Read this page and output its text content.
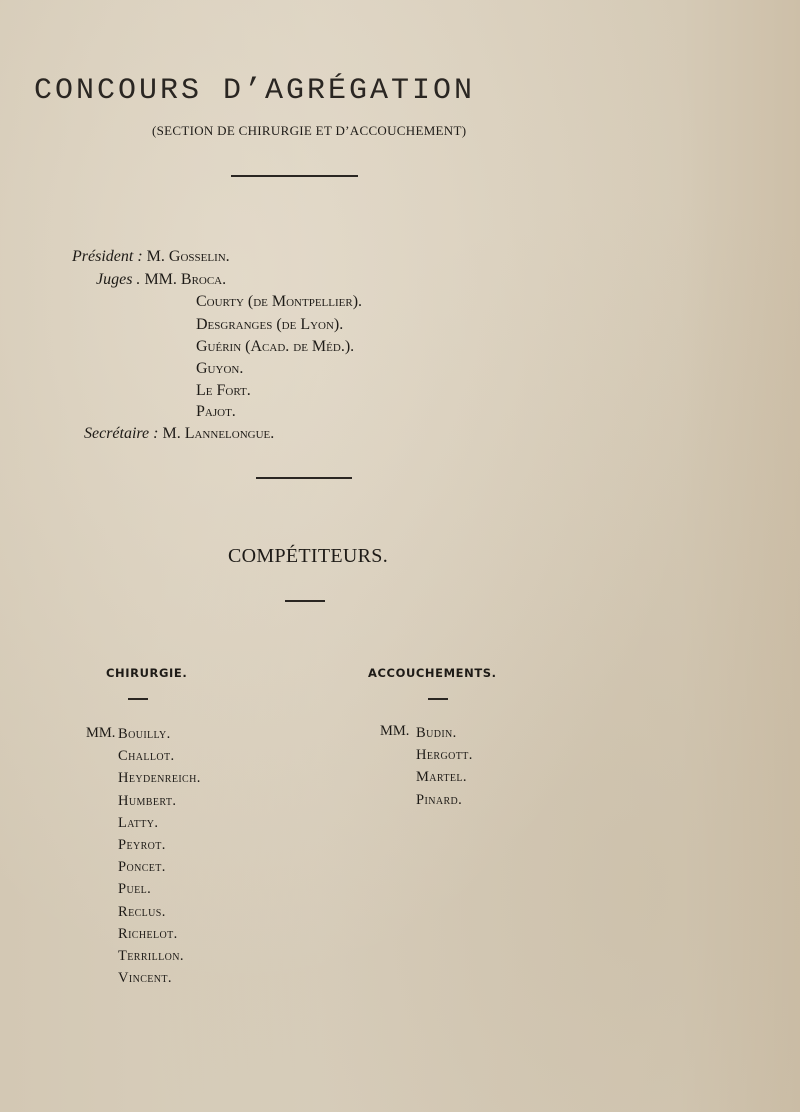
CONCOURS D’AGRÉGATION
(SECTION DE CHIRURGIE ET D’ACCOUCHEMENT)
Président : M. Gosselin.
Juges . MM. Broca.
Courty (de Montpellier).
Desgranges (de Lyon).
Guérin (Acad. de Méd.).
Guyon.
Le Fort.
Pajot.
Secrétaire : M. Lannelongue.
COMPÉTITEURS.
CHIRURGIE.	ACCOUCHEMENTS.
MM. Bouilly.
Challot.
Heydenreich.
Humbert.
Latty.
Peyrot.
Poncet.
Puel.
Reclus.
Richelot.
Terrillon.
Vincent.
MM. Budin.
Hergott.
Martel.
Pinard.
